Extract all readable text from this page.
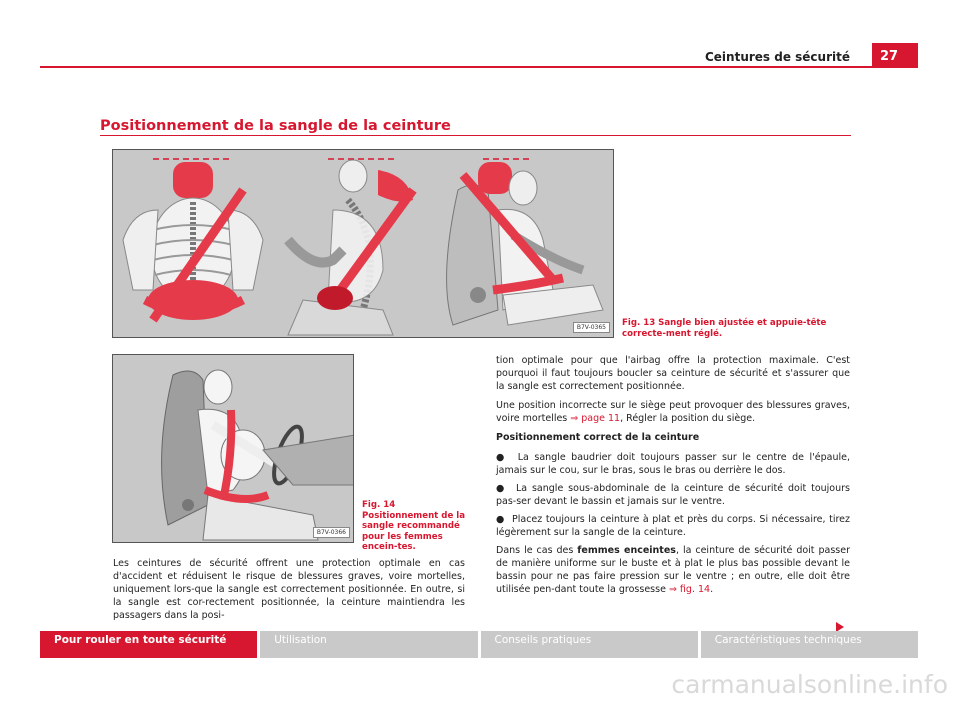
Ceintures de sécurité	27
Positionnement de la sangle de la ceinture
B7V-0365	Fig. 13 Sangle bien ajustée et appuie-tête correcte-ment réglé.
B7V-0366
Fig. 14 Positionnement de la sangle recommandé pour les femmes encein-tes.

Les ceintures de sécurité offrent une protection optimale en cas d'accident et réduisent le risque de blessures graves, voire mortelles, uniquement lors-que la sangle est correctement positionnée. En outre, si la sangle est cor-rectement positionnée, la ceinture maintiendra les passagers dans la posi-

tion optimale pour que l'airbag offre la protection maximale. C'est pourquoi il faut toujours boucler sa ceinture de sécurité et s'assurer que la sangle est correctement positionnée.

Une position incorrecte sur le siège peut provoquer des blessures graves, voire mortelles ⇒ page 11, Régler la position du siège.

Positionnement correct de la ceinture

● La sangle baudrier doit toujours passer sur le centre de l'épaule, jamais sur le cou, sur le bras, sous le bras ou derrière le dos.

● La sangle sous-abdominale de la ceinture de sécurité doit toujours pas-ser devant le bassin et jamais sur le ventre.

● Placez toujours la ceinture à plat et près du corps. Si nécessaire, tirez légèrement sur la sangle de la ceinture.

Dans le cas des femmes enceintes, la ceinture de sécurité doit passer de manière uniforme sur le buste et à plat le plus bas possible devant le bassin pour ne pas faire pression sur le ventre ; en outre, elle doit être utilisée pen-dant toute la grossesse ⇒ fig. 14.

Pour rouler en toute sécurité	Utilisation	Conseils pratiques	Caractéristiques techniques
carmanualsonline.info
